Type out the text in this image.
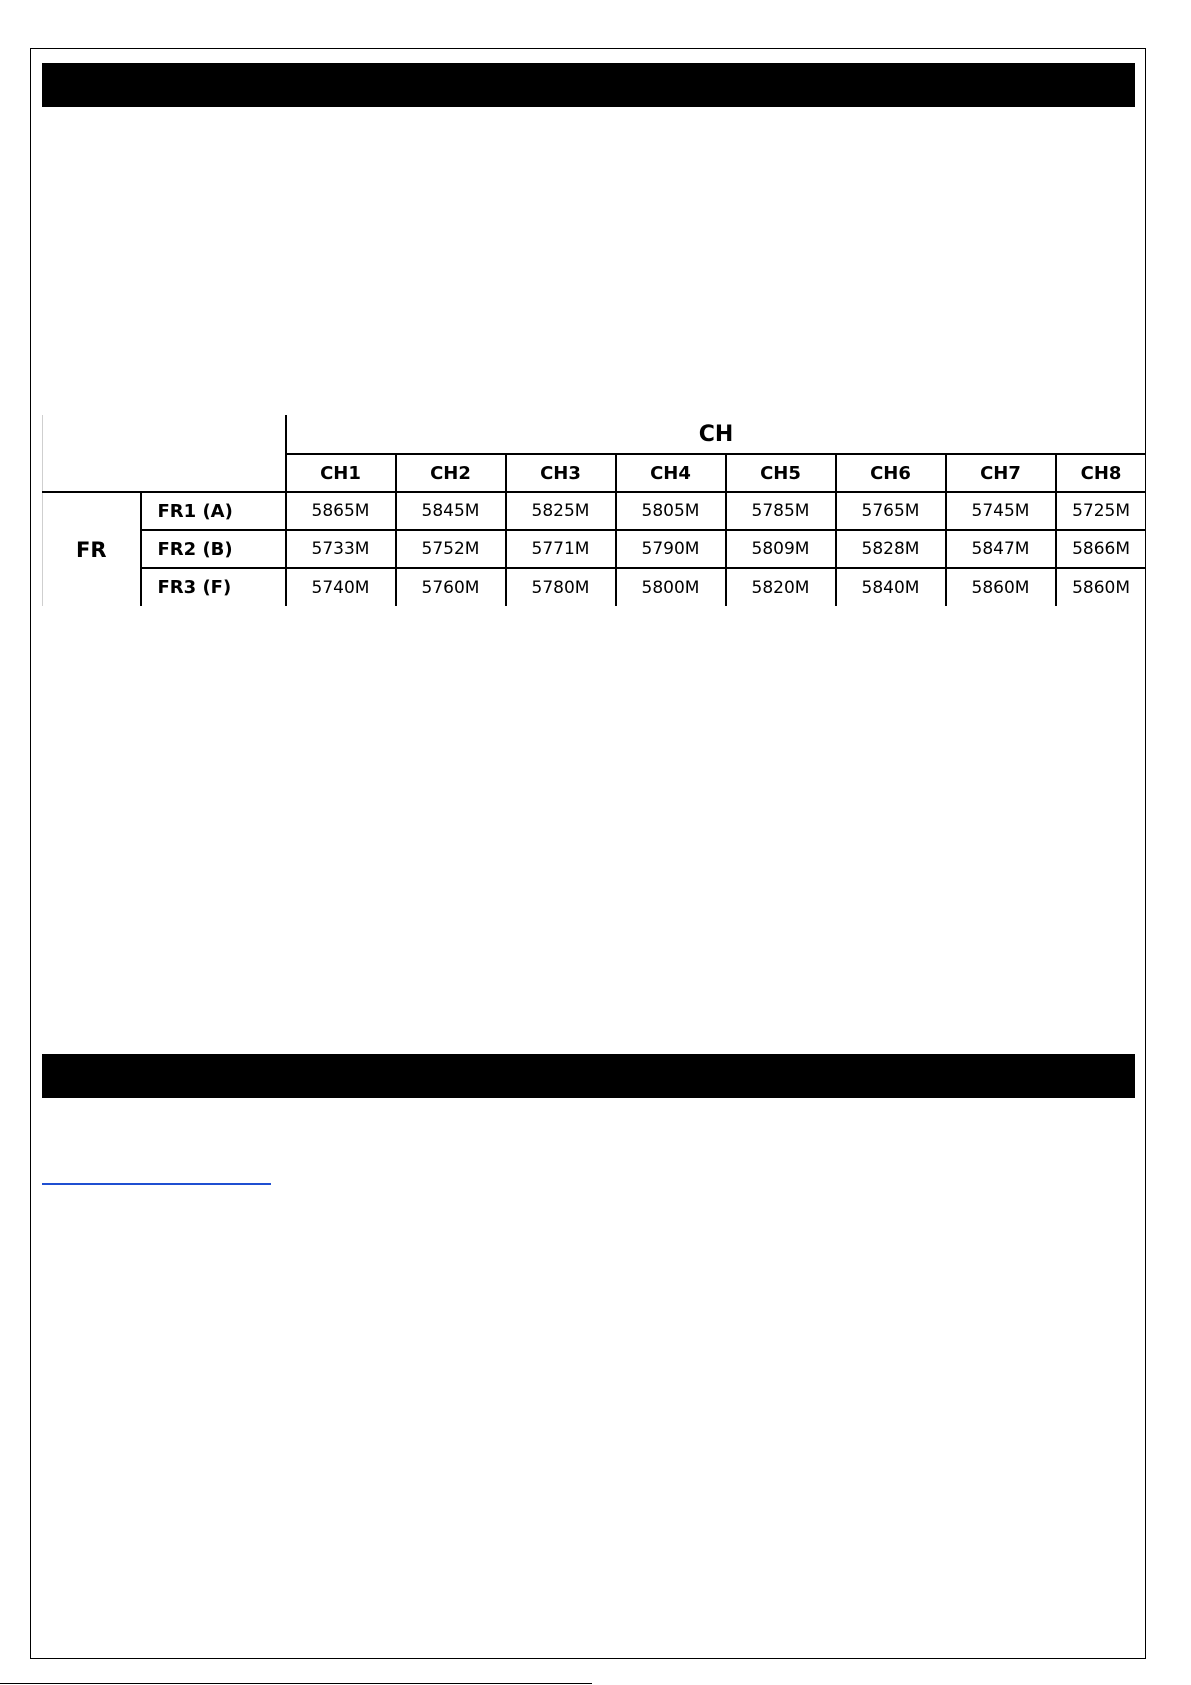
		CH							
		CH1	CH2	CH3	CH4	CH5	CH6	CH7	CH8
FR	FR1 (A)	5865M	5845M	5825M	5805M	5785M	5765M	5745M	5725M
	FR2 (B)	5733M	5752M	5771M	5790M	5809M	5828M	5847M	5866M
	FR3 (F)	5740M	5760M	5780M	5800M	5820M	5840M	5860M	5860M
